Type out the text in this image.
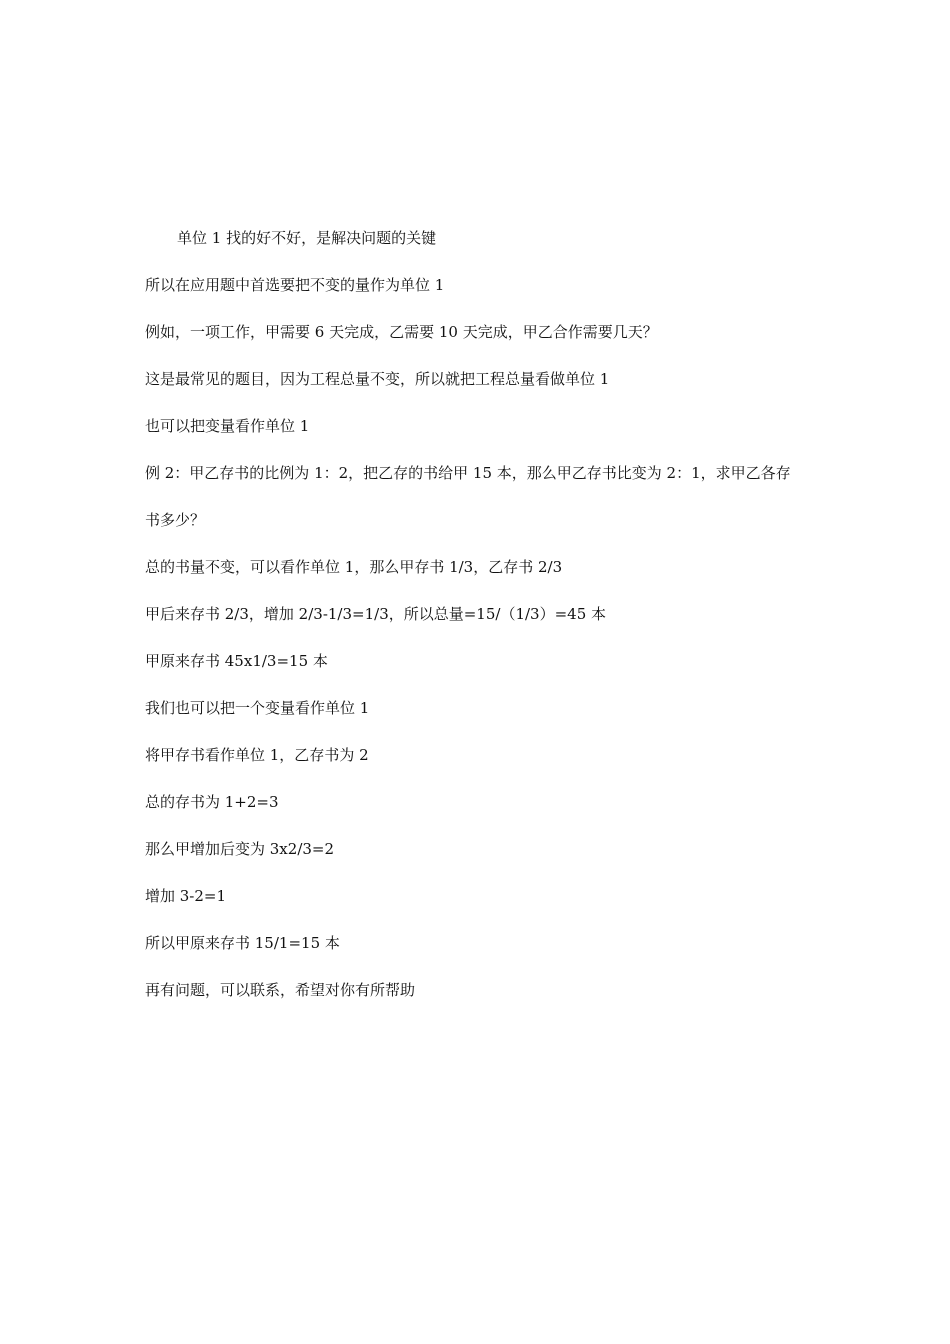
单位 1 找的好不好，是解决问题的关键

所以在应用题中首选要把不变的量作为单位 1

例如，一项工作，甲需要 6 天完成，乙需要 10 天完成，甲乙合作需要几天？

这是最常见的题目，因为工程总量不变，所以就把工程总量看做单位 1

也可以把变量看作单位 1

例 2：甲乙存书的比例为 1：2，把乙存的书给甲 15 本，那么甲乙存书比变为 2：1，求甲乙各存

书多少？

总的书量不变，可以看作单位 1，那么甲存书 1/3，乙存书 2/3

甲后来存书 2/3，增加 2/3-1/3=1/3，所以总量=15/（1/3）=45 本

甲原来存书 45x1/3=15 本

我们也可以把一个变量看作单位 1

将甲存书看作单位 1，乙存书为 2

总的存书为 1+2=3

那么甲增加后变为 3x2/3=2

增加 3-2=1

所以甲原来存书 15/1=15 本

再有问题，可以联系，希望对你有所帮助
